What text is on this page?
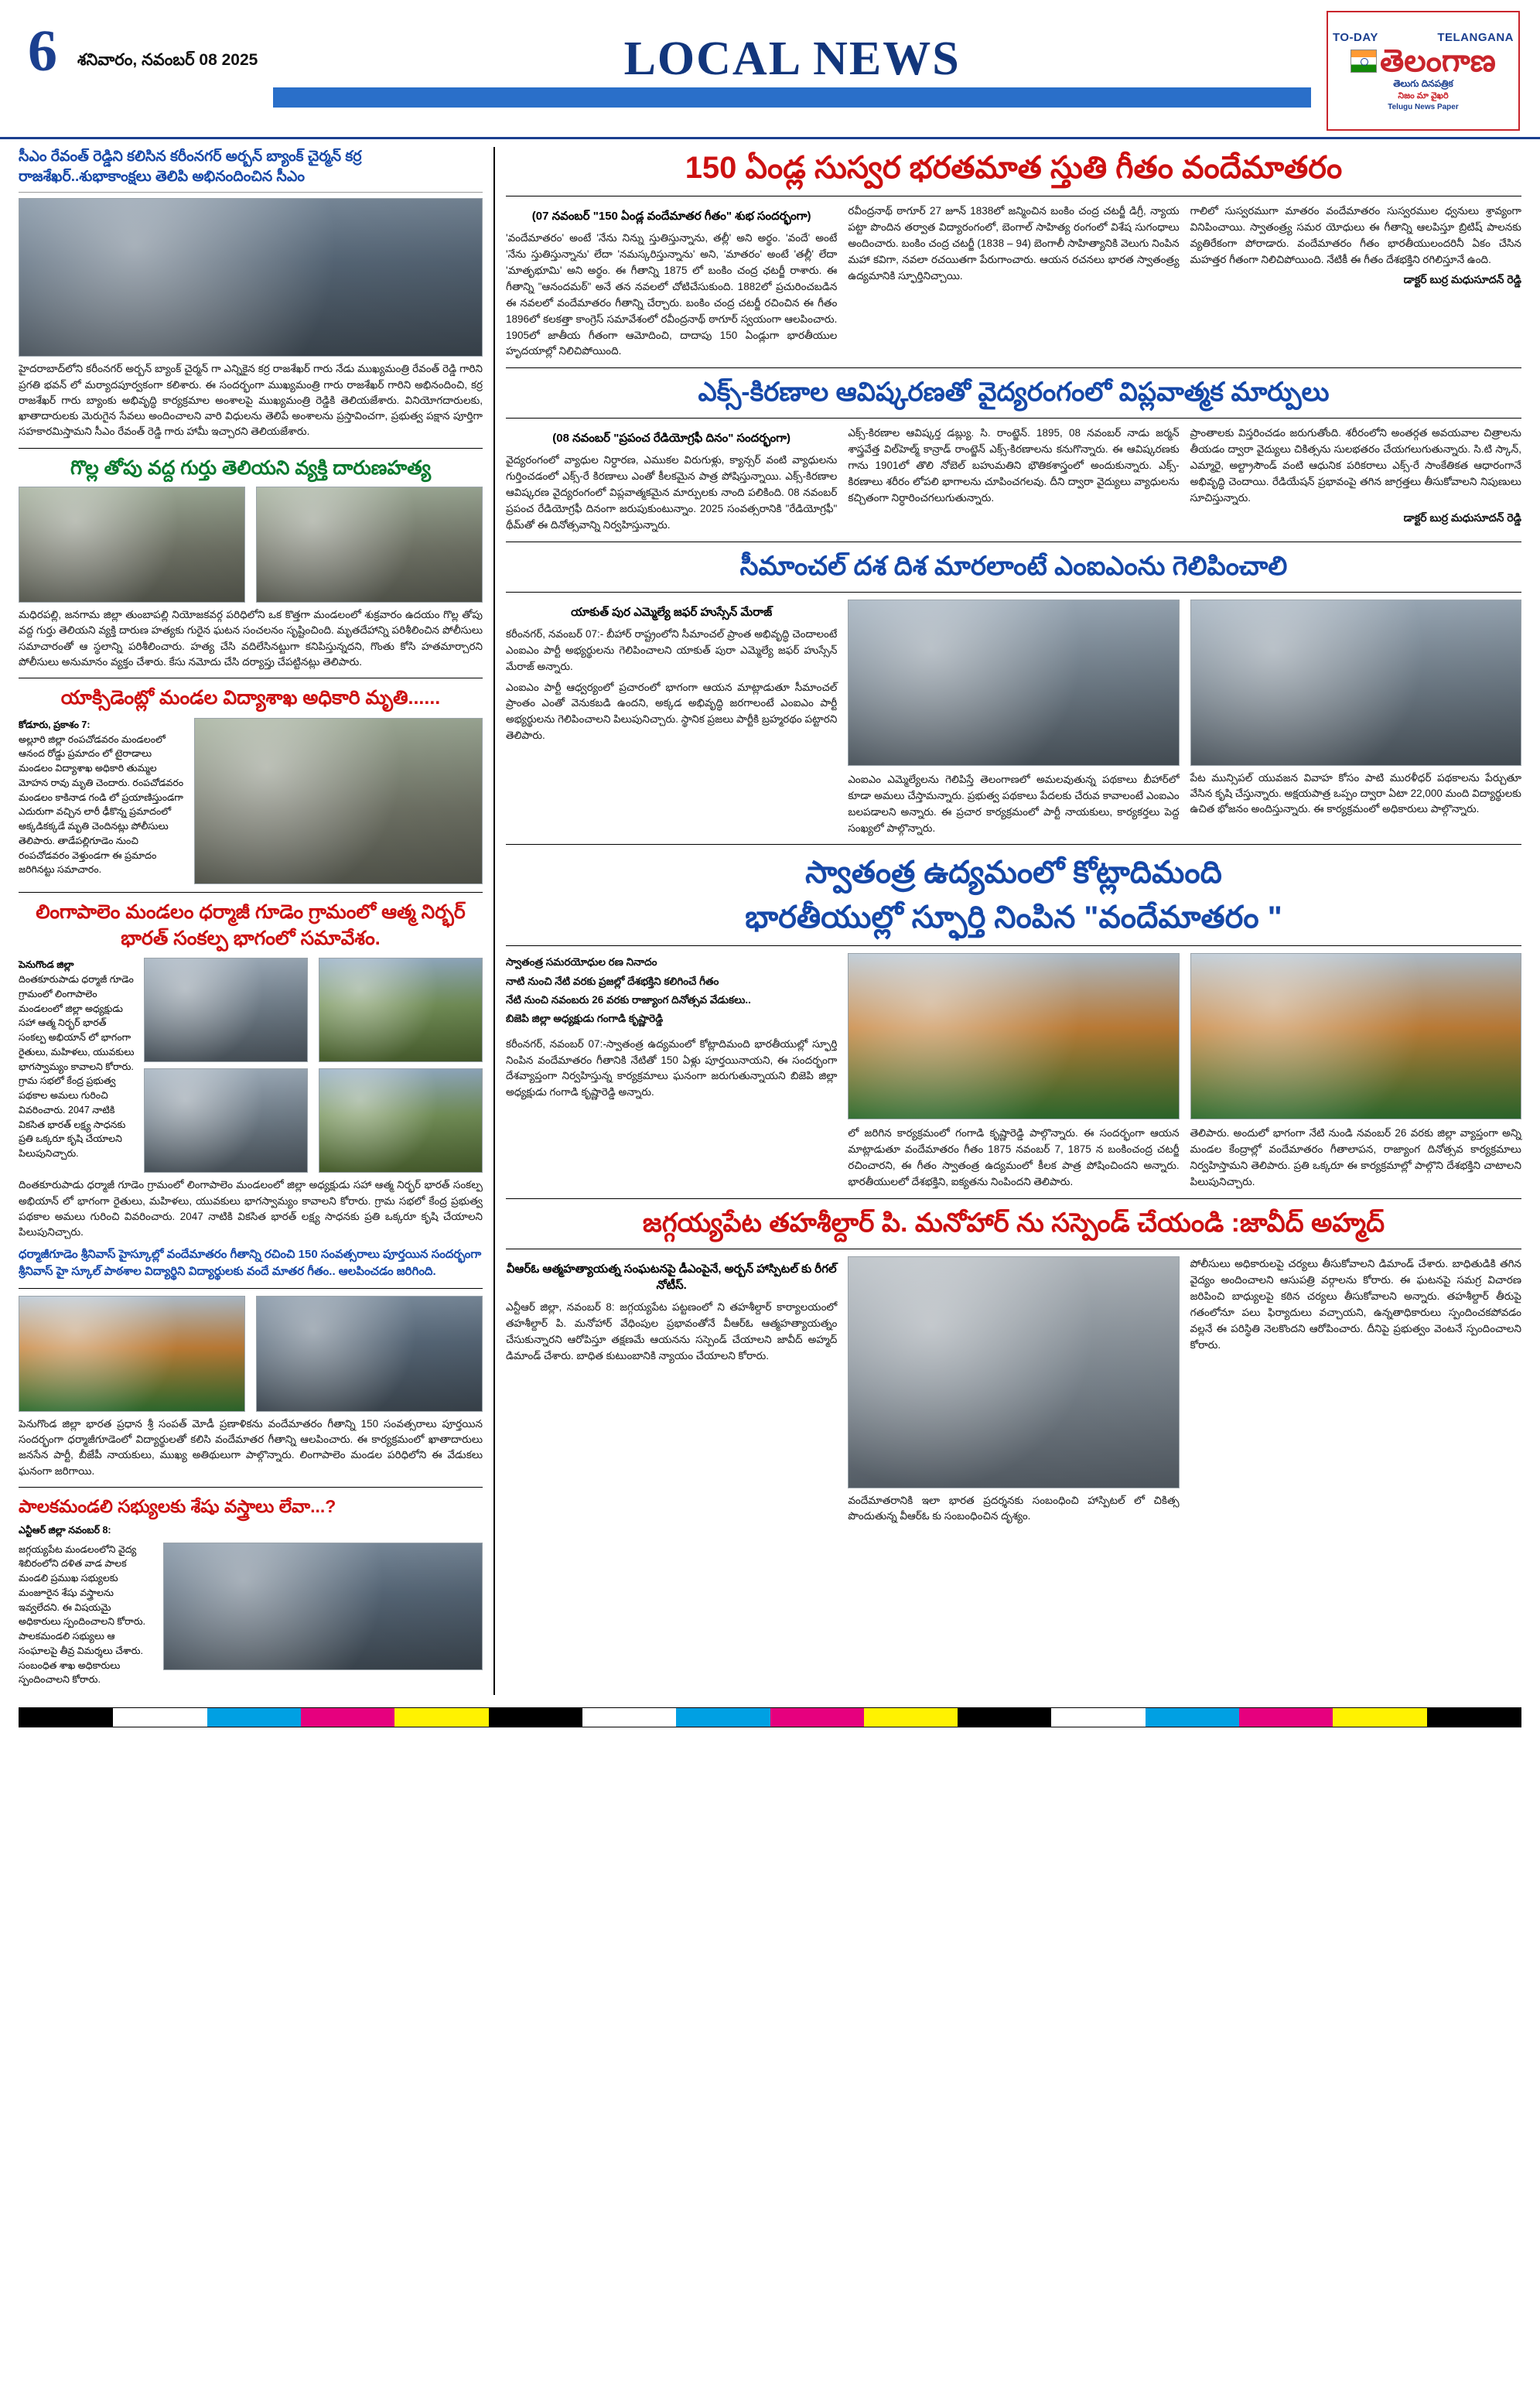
6	శనివారం, నవంబర్ 08 2025	LOCAL NEWS	TO-DAY	TELANGANA
తెలంగాణ
తెలుగు దినపత్రిక
నిజం మా వైఖరి
Telugu News Paper
సీఎం రేవంత్ రెడ్డిని కలిసిన కరీంనగర్ అర్బన్ బ్యాంక్ చైర్మన్ కర్ర రాజశేఖర్..శుభాకాంక్షలు తెలిపి అభినందించిన సీఎం
హైదరాబాద్‌లోని కరీంనగర్ అర్బన్ బ్యాంక్ చైర్మన్ గా ఎన్నికైన కర్ర రాజశేఖర్ గారు నేడు ముఖ్యమంత్రి రేవంత్ రెడ్డి గారిని ప్రగతి భవన్ లో మర్యాదపూర్వకంగా కలిశారు. ఈ సందర్భంగా ముఖ్యమంత్రి గారు రాజశేఖర్ గారిని అభినందించి, కర్ర రాజశేఖర్ గారు బ్యాంకు అభివృద్ధి కార్యక్రమాల అంశాలపై ముఖ్యమంత్రి రెడ్డికి తెలియజేశారు. వినియోగదారులకు, ఖాతాదారులకు మెరుగైన సేవలు అందించాలని వారి విధులను తెలిపే అంశాలను ప్రస్తావించగా, ప్రభుత్వ పక్షాన పూర్తిగా సహకారమిస్తామని సీఎం రేవంత్ రెడ్డి గారు హామీ ఇచ్చారని తెలియజేశారు.
గొల్ల తోపు వద్ద గుర్తు తెలియని వ్యక్తి దారుణహత్య
మధిరపల్లి, జనగామ జిల్లా తుంబాపల్లి నియోజకవర్గ పరిధిలోని ఒక కొత్తగా మండలంలో శుక్రవారం ఉదయం గొల్ల తోపు వద్ద గుర్తు తెలియని వ్యక్తి దారుణ హత్యకు గురైన ఘటన సంచలనం సృష్టించింది. మృతదేహాన్ని పరిశీలించిన పోలీసులు సమాచారంతో ఆ స్థలాన్ని పరిశీలించారు. హత్య చేసి వదిలేసినట్టుగా కనిపిస్తున్నదని, గొంతు కోసి హతమార్చారని పోలీసులు అనుమానం వ్యక్తం చేశారు. కేసు నమోదు చేసి దర్యాప్తు చేపట్టినట్లు తెలిపారు.
యాక్సిడెంట్లో మండల విద్యాశాఖ అధికారి మృతి......
కోడూరు, ప్రకాశం 7:
అల్లూరి జిల్లా రంపచోడవరం మండలంలో ఆనంద రోడ్డు ప్రమాదం లో టైరాడాలు మండలం విద్యాశాఖ అధికారి తుమ్మల మోహన రావు మృతి చెందారు. రంపచోడవరం మండలం కాకినాడ గండి లో ప్రయాణిస్తుండగా ఎదురుగా వచ్చిన లారీ ఢీకొన్న ప్రమాదంలో అక్కడికక్కడే మృతి చెందినట్లు పోలీసులు తెలిపారు. తాడేపల్లిగూడెం నుంచి రంపచోడవరం వెళ్తుండగా ఈ ప్రమాదం జరిగినట్టు సమాచారం.
లింగాపాలెం మండలం ధర్మాజీ గూడెం గ్రామంలో ఆత్మ నిర్భర్ భారత్ సంకల్ప భాగంలో సమావేశం.
పెనుగొండ జిల్లా
దింతకూరుపాడు ధర్మాజీ గూడెం గ్రామంలో లింగాపాలెం మండలంలో జిల్లా అధ్యక్షుడు సహా ఆత్మ నిర్భర్ భారత్ సంకల్ప అభియాన్ లో భాగంగా రైతులు, మహిళలు, యువకులు భాగస్వామ్యం కావాలని కోరారు. గ్రామ సభలో కేంద్ర ప్రభుత్వ పథకాల అమలు గురించి వివరించారు. 2047 నాటికి వికసిత భారత్ లక్ష్య సాధనకు ప్రతి ఒక్కరూ కృషి చేయాలని పిలుపునిచ్చారు.
దింతకూరుపాడు ధర్మాజీ గూడెం గ్రామంలో లింగాపాలెం మండలంలో జిల్లా అధ్యక్షుడు సహా ఆత్మ నిర్భర్ భారత్ సంకల్ప అభియాన్ లో భాగంగా రైతులు, మహిళలు, యువకులు భాగస్వామ్యం కావాలని కోరారు. గ్రామ సభలో కేంద్ర ప్రభుత్వ పథకాల అమలు గురించి వివరించారు. 2047 నాటికి వికసిత భారత్ లక్ష్య సాధనకు ప్రతి ఒక్కరూ కృషి చేయాలని పిలుపునిచ్చారు.
ధర్మాజీగూడెం శ్రీనివాస్ హైస్కూల్లో వందేమాతరం గీతాన్ని రచించి 150 సంవత్సరాలు పూర్తయిన సందర్భంగా శ్రీనివాస్ హై స్కూల్ పాఠశాల విద్యార్థిని విద్యార్థులకు వందే మాతర గీతం.. ఆలపించడం జరిగింది.
పెనుగొండ జిల్లా భారత ప్రధాన శ్రీ సంపత్ మోడీ ప్రణాళికను వందేమాతరం గీతాన్ని 150 సంవత్సరాలు పూర్తయిన సందర్భంగా ధర్మాజీగూడెంలో విద్యార్థులతో కలిసి వందేమాతర గీతాన్ని ఆలపించారు. ఈ కార్యక్రమంలో ఖాతాదారులు జనసేన పార్టీ, బీజేపీ నాయకులు, ముఖ్య అతిథులుగా పాల్గొన్నారు. లింగాపాలెం మండల పరిధిలోని ఈ వేడుకలు ఘనంగా జరిగాయి.
పాలకమండలి సభ్యులకు శేషు వస్త్రాలు లేవా...?
ఎన్టీఆర్ జిల్లా నవంబర్ 8:
జగ్గయ్యపేట మండలంలోని వైద్య శిబిరంలోని దళిత వాడ పాలక మండలి ప్రముఖ సభ్యులకు మంజూరైన శేషు వస్త్రాలను ఇవ్వలేదని. ఈ విషయమై అధికారులు స్పందించాలని కోరారు. పాలకమండలి సభ్యులు ఆ సంఘాలపై తీవ్ర విమర్శలు చేశారు. సంబంధిత శాఖ అధికారులు స్పందించాలని కోరారు.
150 ఏండ్ల సుస్వర భరతమాత స్తుతి గీతం వందేమాతరం
(07 నవంబర్ "150 ఏండ్ల వందేమాతర గీతం" శుభ సందర్భంగా)
'వందేమాతరం' అంటే 'నేను నిన్ను స్తుతిస్తున్నాను, తల్లీ' అని అర్థం. 'వందే' అంటే 'నేను స్తుతిస్తున్నాను' లేదా 'నమస్కరిస్తున్నాను' అని, 'మాతరం' అంటే 'తల్లీ' లేదా 'మాతృభూమి' అని అర్థం. ఈ గీతాన్ని 1875 లో బంకిం చంద్ర ఛటర్జీ రాశారు. ఈ గీతాన్ని "ఆనందమఠ్" అనే తన నవలలో చోటిచేసుకుంది. 1882లో ప్రచురించబడిన ఈ నవలలో వందేమాతరం గీతాన్ని చేర్చారు. బంకిం చంద్ర చటర్జీ రచించిన ఈ గీతం 1896లో కలకత్తా కాంగ్రెస్ సమావేశంలో రవీంద్రనాథ్ ఠాగూర్ స్వయంగా ఆలపించారు. 1905లో జాతీయ గీతంగా ఆమోదించి, దాదాపు 150 ఏండ్లుగా భారతీయుల హృదయాల్లో నిలిచిపోయింది.
రవీంద్రనాథ్ ఠాగూర్ 27 జూన్ 1838లో జన్మించిన బంకిం చంద్ర చటర్జీ డిగ్రీ, న్యాయ పట్టా పొందిన తర్వాత విద్యారంగంలో, బెంగాల్ సాహిత్య రంగంలో విశేష సుగంధాలు అందించారు. బంకిం చంద్ర చటర్జీ (1838 – 94) బెంగాలీ సాహిత్యానికి వెలుగు నింపిన మహా కవిగా, నవలా రచయితగా పేరుగాంచారు. ఆయన రచనలు భారత స్వాతంత్ర్య ఉద్యమానికి స్ఫూర్తినిచ్చాయి.
గాలిలో సుస్వరముగా మాతరం వందేమాతరం సుస్వరముల ధ్వనులు శ్రావ్యంగా వినిపించాయి. స్వాతంత్ర్య సమర యోధులు ఈ గీతాన్ని ఆలపిస్తూ బ్రిటిష్ పాలనకు వ్యతిరేకంగా పోరాడారు. వందేమాతరం గీతం భారతీయులందరినీ ఏకం చేసిన మహత్తర గీతంగా నిలిచిపోయింది. నేటికీ ఈ గీతం దేశభక్తిని రగిలిస్తూనే ఉంది.
డాక్టర్ బుర్ర మధుసూదన్ రెడ్డి
ఎక్స్-కిరణాల ఆవిష్కరణతో వైద్యరంగంలో విప్లవాత్మక మార్పులు
(08 నవంబర్ "ప్రపంచ రేడియోగ్రఫీ దినం" సందర్భంగా)
వైద్యరంగంలో వ్యాధుల నిర్ధారణ, ఎముకల విరుగుళ్లు, క్యాన్సర్ వంటి వ్యాధులను గుర్తించడంలో ఎక్స్-రే కిరణాలు ఎంతో కీలకమైన పాత్ర పోషిస్తున్నాయి. ఎక్స్-కిరణాల ఆవిష్కరణ వైద్యరంగంలో విప్లవాత్మకమైన మార్పులకు నాంది పలికింది. 08 నవంబర్ ప్రపంచ రేడియోగ్రఫీ దినంగా జరుపుకుంటున్నాం. 2025 సంవత్సరానికి "రేడియోగ్రఫీ" థీమ్‌తో ఈ దినోత్సవాన్ని నిర్వహిస్తున్నారు.
ఎక్స్-కిరణాల ఆవిష్కర్త డబ్ల్యు. సి. రాంట్జెన్. 1895, 08 నవంబర్ నాడు జర్మన్ శాస్త్రవేత్త విల్‌హెల్మ్ కాన్రాడ్ రాంట్జెన్ ఎక్స్-కిరణాలను కనుగొన్నారు. ఈ ఆవిష్కరణకు గాను 1901లో తొలి నోబెల్ బహుమతిని భౌతికశాస్త్రంలో అందుకున్నారు. ఎక్స్-కిరణాలు శరీరం లోపలి భాగాలను చూపించగలవు. దీని ద్వారా వైద్యులు వ్యాధులను కచ్చితంగా నిర్ధారించగలుగుతున్నారు.
ప్రాంతాలకు విస్తరించడం జరుగుతోంది. శరీరంలోని అంతర్గత అవయవాల చిత్రాలను తీయడం ద్వారా వైద్యులు చికిత్సను సులభతరం చేయగలుగుతున్నారు. సి.టి స్కాన్, ఎమ్మారై, అల్ట్రాసౌండ్ వంటి ఆధునిక పరికరాలు ఎక్స్-రే సాంకేతికత ఆధారంగానే అభివృద్ధి చెందాయి. రేడియేషన్ ప్రభావంపై తగిన జాగ్రత్తలు తీసుకోవాలని నిపుణులు సూచిస్తున్నారు.
డాక్టర్ బుర్ర మధుసూదన్ రెడ్డి
సీమాంచల్ దశ దిశ మారలాంటే ఎంఐఎంను గెలిపించాలి
యాకుత్ పుర ఎమ్మెల్యే జఫర్ హుస్సేన్ మేరాజ్
కరీంనగర్, నవంబర్ 07:- బీహార్ రాష్ట్రంలోని సీమాంచల్ ప్రాంత అభివృద్ధి చెందాలంటే ఎంఐఎం పార్టీ అభ్యర్థులను గెలిపించాలని యాకుత్ పురా ఎమ్మెల్యే జఫర్ హుస్సేన్ మేరాజ్ అన్నారు.
ఎంఐఎం పార్టీ ఆధ్వర్యంలో ప్రచారంలో భాగంగా ఆయన మాట్లాడుతూ సీమాంచల్ ప్రాంతం ఎంతో వెనుకబడి ఉందని, అక్కడ అభివృద్ధి జరగాలంటే ఎంఐఎం పార్టీ అభ్యర్థులను గెలిపించాలని పిలుపునిచ్చారు. స్థానిక ప్రజలు పార్టీకి బ్రహ్మరథం పట్టారని తెలిపారు.
ఎంఐఎం ఎమ్మెల్యేలను గెలిపిస్తే తెలంగాణలో అమలవుతున్న పథకాలు బీహార్‌లో కూడా అమలు చేస్తామన్నారు. ప్రభుత్వ పథకాలు పేదలకు చేరువ కావాలంటే ఎంఐఎం బలపడాలని అన్నారు. ఈ ప్రచార కార్యక్రమంలో పార్టీ నాయకులు, కార్యకర్తలు పెద్ద సంఖ్యలో పాల్గొన్నారు.
పేట మున్సిపల్ యువజన వివాహ కోసం పాటి మురళీధర్ పథకాలను పేర్చుతూ వేసిన కృషి చేస్తున్నారు. అక్షయపాత్ర ఒప్పం ద్వారా ఏటా 22,000 మంది విద్యార్థులకు ఉచిత భోజనం అందిస్తున్నారు. ఈ కార్యక్రమంలో అధికారులు పాల్గొన్నారు.
స్వాతంత్ర ఉద్యమంలో కోట్లాదిమంది
భారతీయుల్లో స్ఫూర్తి నింపిన "వందేమాతరం "
స్వాతంత్ర సమరయోధుల రణ నినాదం
నాటి నుంచి నేటి వరకు ప్రజల్లో దేశభక్తిని కలిగించే గీతం
నేటి నుంచి నవంబరు 26 వరకు రాజ్యాంగ దినోత్సవ వేడుకలు..
బిజెపి జిల్లా అధ్యక్షుడు గంగాడి కృష్ణారెడ్డి
కరీంనగర్, నవంబర్ 07:-స్వాతంత్ర ఉద్యమంలో కోట్లాదిమంది భారతీయుల్లో స్ఫూర్తి నింపిన వందేమాతరం గీతానికి నేటితో 150 ఏళ్లు పూర్తయినాయని, ఈ సందర్భంగా దేశవ్యాప్తంగా నిర్వహిస్తున్న కార్యక్రమాలు ఘనంగా జరుగుతున్నాయని బిజెపి జిల్లా అధ్యక్షుడు గంగాడి కృష్ణారెడ్డి అన్నారు.
లో జరిగిన కార్యక్రమంలో గంగాడి కృష్ణారెడ్డి పాల్గొన్నారు. ఈ సందర్భంగా ఆయన మాట్లాడుతూ వందేమాతరం గీతం 1875 నవంబర్ 7, 1875 న బంకించంద్ర చటర్జీ రచించారని, ఈ గీతం స్వాతంత్ర ఉద్యమంలో కీలక పాత్ర పోషించిందని అన్నారు. భారతీయులలో దేశభక్తిని, ఐక్యతను నింపిందని తెలిపారు.
తెలిపారు. అందులో భాగంగా నేటి నుండి నవంబర్ 26 వరకు జిల్లా వ్యాప్తంగా అన్ని మండల కేంద్రాల్లో వందేమాతరం గీతాలాపన, రాజ్యాంగ దినోత్సవ కార్యక్రమాలు నిర్వహిస్తామని తెలిపారు. ప్రతి ఒక్కరూ ఈ కార్యక్రమాల్లో పాల్గొని దేశభక్తిని చాటాలని పిలుపునిచ్చారు.
జగ్గయ్యపేట తహశీల్దార్ పి. మనోహార్ ను సస్పెండ్ చేయండి :జావీద్ అహ్మద్
వీఆర్ఓ ఆత్మహత్యాయత్న సంఘటనపై డీఎంపైనే, అర్బన్ హాస్పిటల్ కు రీగల్ నోటీస్.
ఎన్టీఆర్ జిల్లా, నవంబర్ 8: జగ్గయ్యపేట పట్టణంలో ని తహశీల్దార్ కార్యాలయంలో తహశీల్దార్ పి. మనోహార్ వేధింపుల ప్రభావంతోనే వీఆర్ఓ ఆత్మహత్యాయత్నం చేసుకున్నారని ఆరోపిస్తూ తక్షణమే ఆయనను సస్పెండ్ చేయాలని జావీద్ అహ్మద్ డిమాండ్ చేశారు. బాధిత కుటుంబానికి న్యాయం చేయాలని కోరారు.
వందేమాతరానికి ఇలా భారత ప్రదర్శనకు సంబంధించి హాస్పిటల్ లో చికిత్స పొందుతున్న వీఆర్ఓ కు సంబంధించిన దృశ్యం.
పోలీసులు అధికారులపై చర్యలు తీసుకోవాలని డిమాండ్ చేశారు. బాధితుడికి తగిన వైద్యం అందించాలని ఆసుపత్రి వర్గాలను కోరారు. ఈ ఘటనపై సమగ్ర విచారణ జరిపించి బాధ్యులపై కఠిన చర్యలు తీసుకోవాలని అన్నారు. తహశీల్దార్ తీరుపై గతంలోనూ పలు ఫిర్యాదులు వచ్చాయని, ఉన్నతాధికారులు స్పందించకపోవడం వల్లనే ఈ పరిస్థితి నెలకొందని ఆరోపించారు. దీనిపై ప్రభుత్వం వెంటనే స్పందించాలని కోరారు.
